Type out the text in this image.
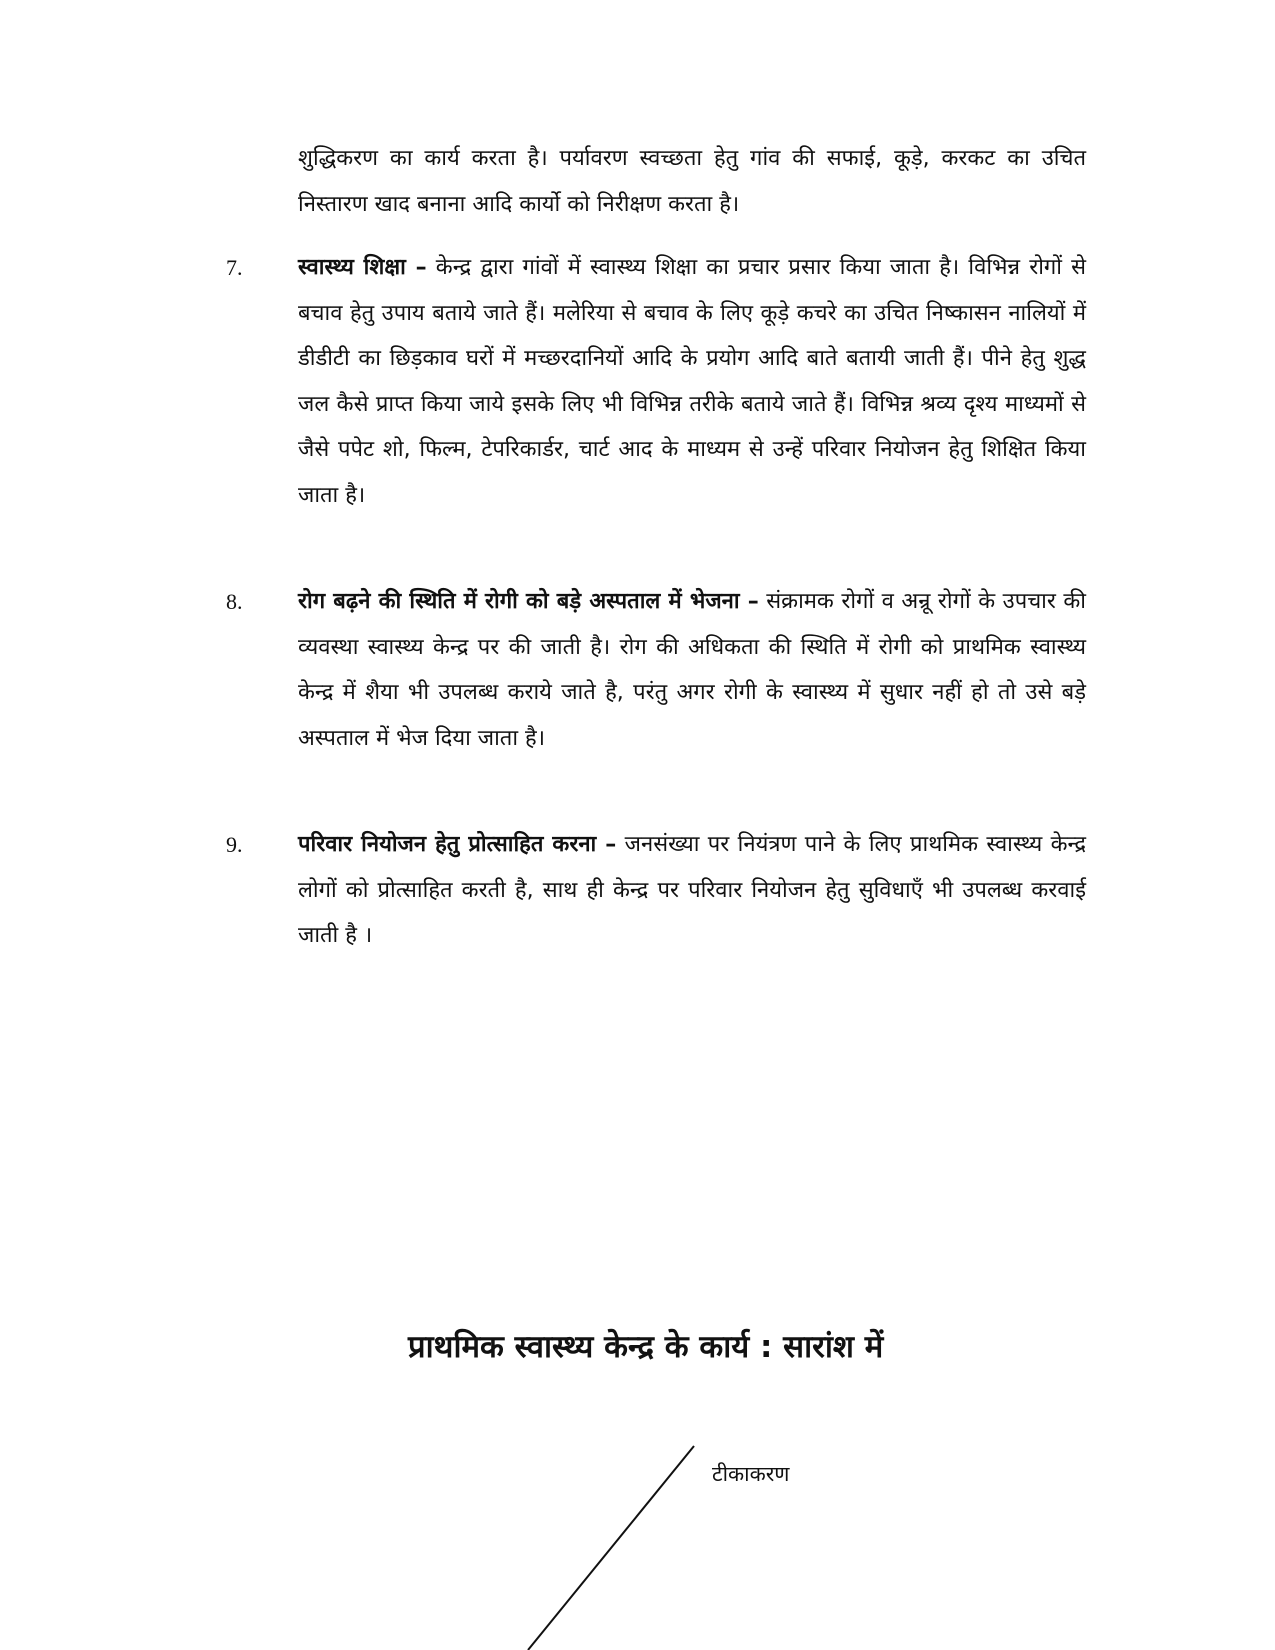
शुद्धिकरण का कार्य करता है। पर्यावरण स्वच्छता हेतु गांव की सफाई, कूड़े, करकट का उचित निस्तारण खाद बनाना आदि कार्यो को निरीक्षण करता है।

7.	स्वास्थ्य शिक्षा – केन्द्र द्वारा गांवों में स्वास्थ्य शिक्षा का प्रचार प्रसार किया जाता है। विभिन्न रोगों से बचाव हेतु उपाय बताये जाते हैं। मलेरिया से बचाव के लिए कूड़े कचरे का उचित निष्कासन नालियों में डीडीटी का छिड़काव घरों में मच्छरदानियों आदि के प्रयोग आदि बाते बतायी जाती हैं। पीने हेतु शुद्ध जल कैसे प्राप्त किया जाये इसके लिए भी विभिन्न तरीके बताये जाते हैं। विभिन्न श्रव्य दृश्य माध्यमों से जैसे पपेट शो, फिल्म, टेपरिकार्डर, चार्ट आद के माध्यम से उन्हें परिवार नियोजन हेतु शिक्षित किया जाता है।

8.	रोग बढ़ने की स्थिति में रोगी को बड़े अस्पताल में भेजना – संक्रामक रोगों व अन्रू रोगों के उपचार की व्यवस्था स्वास्थ्य केन्द्र पर की जाती है। रोग की अधिकता की स्थिति में रोगी को प्राथमिक स्वास्थ्य केन्द्र में शैया भी उपलब्ध कराये जाते है, परंतु अगर रोगी के स्वास्थ्य में सुधार नहीं हो तो उसे बड़े अस्पताल में भेज दिया जाता है।

9.	परिवार नियोजन हेतु प्रोत्साहित करना – जनसंख्या पर नियंत्रण पाने के लिए प्राथमिक स्वास्थ्य केन्द्र लोगों को प्रोत्साहित करती है, साथ ही केन्द्र पर परिवार नियोजन हेतु सुविधाएँ भी उपलब्ध करवाई जाती है ।

प्राथमिक स्वास्थ्य केन्द्र के कार्य : सारांश में

टीकाकरण
